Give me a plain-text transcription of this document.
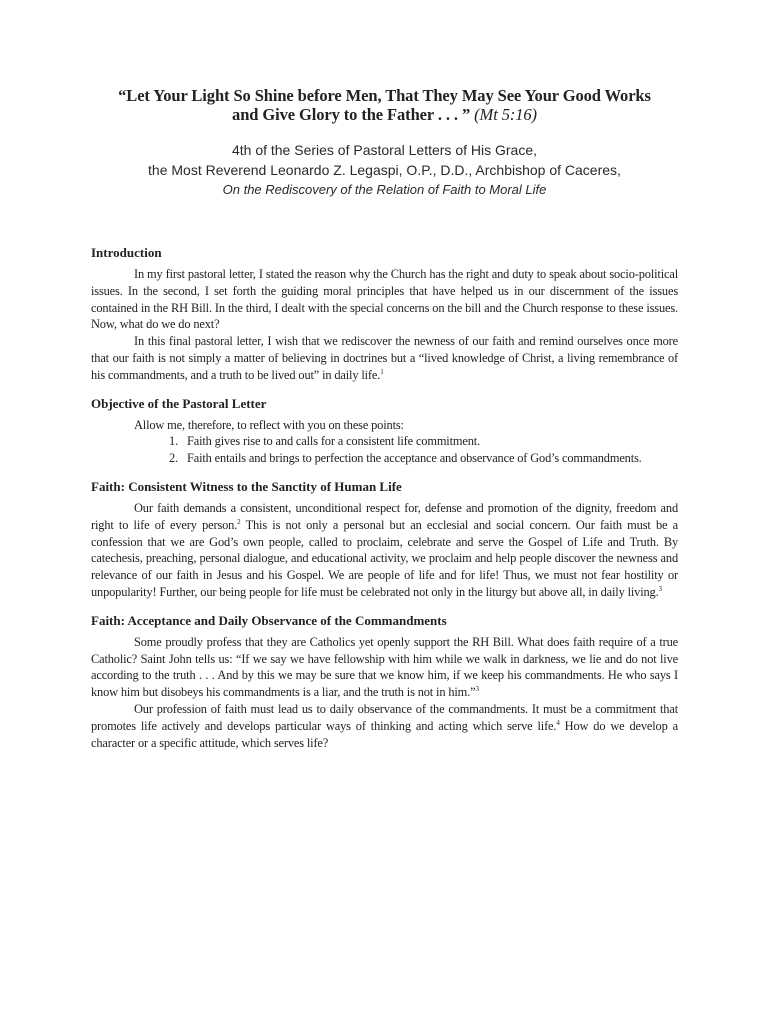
“Let Your Light So Shine before Men, That They May See Your Good Works
and Give Glory to the Father . . . ” (Mt 5:16)
4th of the Series of Pastoral Letters of His Grace,
the Most Reverend Leonardo Z. Legaspi, O.P., D.D., Archbishop of Caceres,
On the Rediscovery of the Relation of Faith to Moral Life
Introduction

In my first pastoral letter, I stated the reason why the Church has the right and duty to speak about socio-political issues. In the second, I set forth the guiding moral principles that have helped us in our discernment of the issues contained in the RH Bill. In the third, I dealt with the special concerns on the bill and the Church response to these issues. Now, what do we do next?

In this final pastoral letter, I wish that we rediscover the newness of our faith and remind ourselves once more that our faith is not simply a matter of believing in doctrines but a “lived knowledge of Christ, a living remembrance of his commandments, and a truth to be lived out” in daily life.$^1$

Objective of the Pastoral Letter

Allow me, therefore, to reflect with you on these points:

1. Faith gives rise to and calls for a consistent life commitment.
2. Faith entails and brings to perfection the acceptance and observance of God’s commandments.
Faith: Consistent Witness to the Sanctity of Human Life

Our faith demands a consistent, unconditional respect for, defense and promotion of the dignity, freedom and right to life of every person.$^2$ This is not only a personal but an ecclesial and social concern. Our faith must be a confession that we are God’s own people, called to proclaim, celebrate and serve the Gospel of Life and Truth. By catechesis, preaching, personal dialogue, and educational activity, we proclaim and help people discover the newness and relevance of our faith in Jesus and his Gospel. We are people of life and for life! Thus, we must not fear hostility or unpopularity! Further, our being people for life must be celebrated not only in the liturgy but above all, in daily living.$^3$

Faith: Acceptance and Daily Observance of the Commandments

Some proudly profess that they are Catholics yet openly support the RH Bill. What does faith require of a true Catholic? Saint John tells us: “If we say we have fellowship with him while we walk in darkness, we lie and do not live according to the truth . . . And by this we may be sure that we know him, if we keep his commandments. He who says I know him but disobeys his commandments is a liar, and the truth is not in him.”$^3$

Our profession of faith must lead us to daily observance of the commandments. It must be a commitment that promotes life actively and develops particular ways of thinking and acting which serve life.$^4$ How do we develop a character or a specific attitude, which serves life?
